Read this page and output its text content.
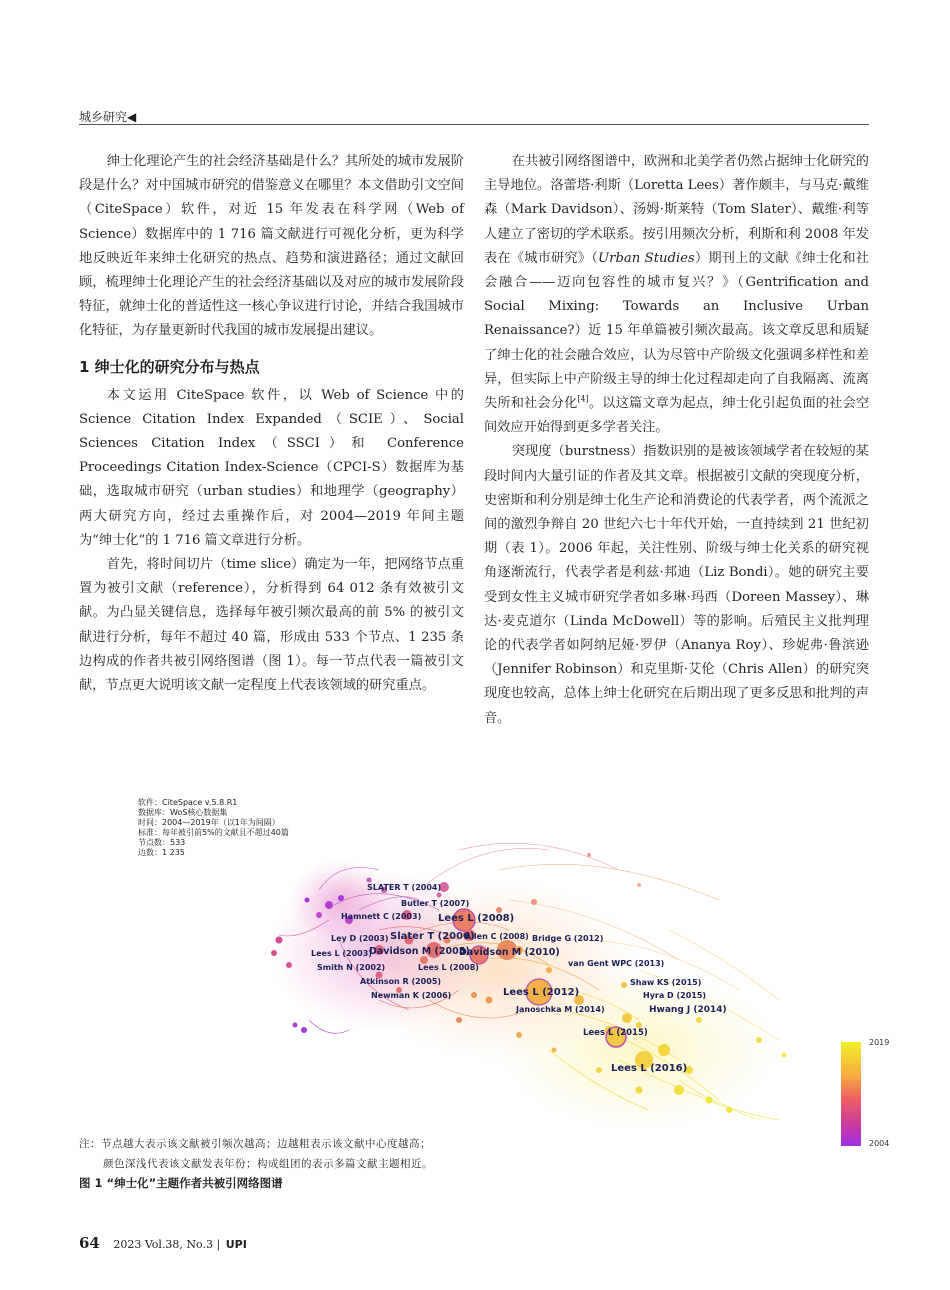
城乡研究◀

绅士化理论产生的社会经济基础是什么？其所处的城市发展阶段是什么？对中国城市研究的借鉴意义在哪里？本文借助引文空间（CiteSpace）软件，对近 15 年发表在科学网（Web of Science）数据库中的 1 716 篇文献进行可视化分析，更为科学地反映近年来绅士化研究的热点、趋势和演进路径；通过文献回顾，梳理绅士化理论产生的社会经济基础以及对应的城市发展阶段特征，就绅士化的普适性这一核心争议进行讨论，并结合我国城市化特征，为存量更新时代我国的城市发展提出建议。

1 绅士化的研究分布与热点

本文运用 CiteSpace 软件，以 Web of Science 中的 Science Citation Index Expanded（SCIE）、Social Sciences Citation Index（SSCI）和 Conference Proceedings Citation Index-Science（CPCI-S）数据库为基础，选取城市研究（urban studies）和地理学（geography）两大研究方向，经过去重操作后，对 2004—2019 年间主题为“绅士化”的 1 716 篇文章进行分析。

首先，将时间切片（time slice）确定为一年，把网络节点重置为被引文献（reference），分析得到 64 012 条有效被引文献。为凸显关键信息，选择每年被引频次最高的前 5% 的被引文献进行分析，每年不超过 40 篇，形成由 533 个节点、1 235 条边构成的作者共被引网络图谱（图 1）。每一节点代表一篇被引文献，节点更大说明该文献一定程度上代表该领域的研究重点。

在共被引网络图谱中，欧洲和北美学者仍然占据绅士化研究的主导地位。洛蕾塔·利斯（Loretta Lees）著作颇丰，与马克·戴维森（Mark Davidson）、汤姆·斯莱特（Tom Slater）、戴维·利等人建立了密切的学术联系。按引用频次分析，利斯和利 2008 年发表在《城市研究》（Urban Studies）期刊上的文献《绅士化和社会融合——迈向包容性的城市复兴？》（Gentrification and Social Mixing: Towards an Inclusive Urban Renaissance?）近 15 年单篇被引频次最高。该文章反思和质疑了绅士化的社会融合效应，认为尽管中产阶级文化强调多样性和差异，但实际上中产阶级主导的绅士化过程却走向了自我隔离、流离失所和社会分化[4]。以这篇文章为起点，绅士化引起负面的社会空间效应开始得到更多学者关注。

突现度（burstness）指数识别的是被该领域学者在较短的某段时间内大量引证的作者及其文章。根据被引文献的突现度分析，史密斯和利分别是绅士化生产论和消费论的代表学者，两个流派之间的激烈争辩自 20 世纪六七十年代开始，一直持续到 21 世纪初期（表 1）。2006 年起，关注性别、阶级与绅士化关系的研究视角逐渐流行，代表学者是利兹·邦迪（Liz Bondi）。她的研究主要受到女性主义城市研究学者如多琳·玛西（Doreen Massey）、琳达·麦克道尔（Linda McDowell）等的影响。后殖民主义批判理论的代表学者如阿纳尼娅·罗伊（Ananya Roy）、珍妮弗·鲁滨逊（Jennifer Robinson）和克里斯·艾伦（Chris Allen）的研究突现度也较高，总体上绅士化研究在后期出现了更多反思和批判的声音。

软件：CiteSpace v.5.8.R1
数据库：WoS核心数据集
时间：2004—2019年（以1年为间隔）
标准：每年被引前5%的文献且不超过40篇
节点数：533
边数：1 235
SLATER T (2004)
Butler T (2007)
Hamnett C (2003) Lees L (2008)
Ley D (2003) Slater T (2006)
Allen C (2008) Bridge G (2012)
Lees L (2003)
Davidson M (2005)
Davidson M (2010)
Smith N (2002)	Lees L (2008)	van Gent WPC (2013)
Atkinson R (2005)	Shaw KS (2015)
Newman K (2006)	Lees L (2012)	Hyra D (2015)
Janoschka M (2014)	Hwang J (2014)
Lees L (2015)
Lees L (2016)
2019
2004
注：节点越大表示该文献被引频次越高；边越粗表示该文献中心度越高；
颜色深浅代表该文献发表年份；构成组团的表示多篇文献主题相近。
图 1 “绅士化”主题作者共被引网络图谱
64 2023 Vol.38, No.3 | UPI
